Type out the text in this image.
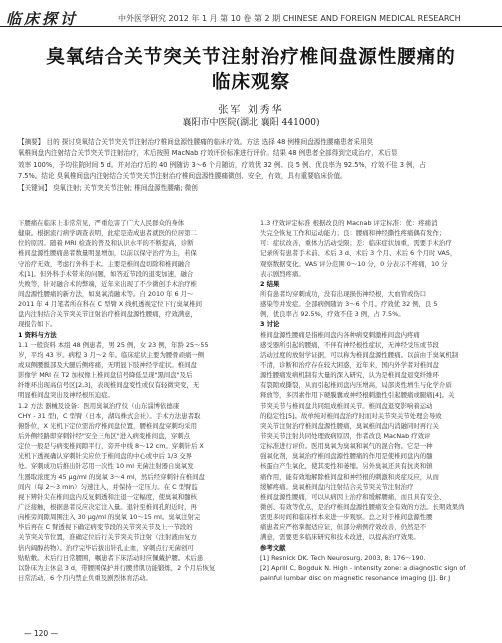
临床探讨	中外医学研究 2012 年 1 月 第 10 卷 第 2 期 CHINESE AND FOREIGN MEDICAL RESEARCH
臭氧结合关节突关节注射治疗椎间盘源性腰痛的
临床观察
张军 刘秀华
襄阳市中医院(湖北 襄阳 441000)
【摘要】 目的 探讨臭氧结合关节突关节注射治疗椎间盘源性腰痛的临床疗效。方法 选择 48 例椎间盘源性腰痛患者采用臭
氧椎间盘内注射结合关节突关节注射治疗，术后按照 MacNab 疗效评价标准进行评价。结果 48 例患者全部得到完成治疗，术后显
效率 100%，予均住院时间 5 d。并对治疗后的 40 例随访 3～6 个月随访，疗效优 32 例、良 5 例、优良率为 92.5%，疗效不佳 3 例，占
7.5%。结论 臭氧椎间盘内注射结合关节突关节注射治疗椎间盘源性腰痛微创、安全，有效，具有重要临床价值。
【关键词】 臭氧注射; 关节突关节注射; 椎间盘源性腰痛; 微创
下腰痛在临床上非常常见，严重危害了广大人民群众的身体
健康。根据流行病学调查表明，此症是造成患者就医的位居第二
位的原因。随着 MRI 检查的普及和认识水平的不断提高，诊断
椎间盘源性腰痛患者数量明显增加，以前以保守治疗为主，若保
守治疗无效，考虑行外科手术。主要是椎间盘切除和椎间融合
术[1]。但外科手术带来的问题，如答近节段的退变加速，融合
失败等，针对融合术的弊端，近年来出现了不少微创手术治疗椎
间盘源性腰痛的新方法，如臭氧消融术等。自 2010 年 6 月～
2011 年 4 月笔者所在科在 C 型臂 X 线机透视定位下行臭氧椎间
盘内注射结合关节突关节注射治疗椎间盘源性腰痛，疗效满意，
现报告如下。
1 资料与方法
1.1 一般资料 本组 48 例患者，男 25 例，女 23 例，年龄 25～55
岁，平均 43 岁。病程 3 月～2 年。临床症状主要为腰骨顽痛一侧
或双侧腰骶部及大腿后侧疼痛，无明显下肢神经学症状。椎间盘
影像学 MRI 在 T2 加权像上椎间盘信号降低呈现"黑间盘"及后
纤维环出现高信号区[2,3]，表现椎间盘变性或仅有轻微突变，无
明显椎间盘突出及神经根压迫症。
1.2 方法 器械及设备：医用臭氧治疗仪（山东淄博依德康
CHY - 31 型)，C 型臂（日本，湖岛株式会社）。手术方法患者取
俯卧位，X 光机下定位需治疗椎间盘位置，腰椎间盘穿刺均采用
后外侧经路即穿刺针经"安全三角区"进入病变椎间盘，穿刺点
定位一般是与病变椎间隙平行，旁开中线 8～12 cm。穿刺针后 X
光机下透视确认穿刺针尖应位于椎间盘的中心或中后 1/3 交界
处。穿刺成功后推出针芯用一次性 10 ml 无菌注射器自臭氧发
生器取浓度为 45 μg/ml 的臭氧 3～4 ml，然后经穿刺针在椎间盘
间内（每 2～3 min）匀速注入，并保持一定压力。在 C 型臂监
视下辨针尖在椎间盘内反复刺透和注退一定幅度，使臭氧和髓核
广泛接触，根据患者反应决定注入量。退针至椎间孔附近时，再
向椎旁间隙周围注入 30 μg/ml 的臭氧 10～15 ml。臭氧注射完
毕后再在 C 臂透视下确定病变节段的关节突关节及上一节段的
关节突关节位置，准确定位后行关节突关节注射（注射液由复方
倍内阔醇药物）。治疗完毕后拔出针孔止血，穿刺点行无菌创可
贴贴敷。术后行日常腰围，嘱患者下床活动时应佩戴护腰。术后患
以卧床为主休息 3 d，带腰围保护并行腰背肌功能锻炼，2 个月后恢复
日常活动，6 个月内禁止负重及剧烈体育活动。
1.3 疗效评定标准 根据改良的 Macnab 评定标准：优：疼痛消
失完全恢复工作和运动能力；良：腰痛和神经撕性疼痛偶有发作；
可：症状改善，重体力活动受限；差：临床症状加重，需要手术治疗
记录所有患者手术前、术后 3 d、术后 3 个月、术后 6 个月时 VAS，
观察数据变化。VAS 评分范围 0～10 分，0 分表示不疼痛，10 分
表示剧烈疼痛。
2 结果
所有患者均穿刺成功，没有出现损伤神经根，大血管或伤口
感染等并发症。全部病例随访 3～6 个月。疗效优 32 例，良 5
例，优良率占 92.5%，疗效不佳 3 例，占 7.5%。
3 讨论
椎间盘源性腰痛是指椎间盘内各种病变刺激椎间盘内疼痛
感受器所引起的腰痛，不伴有神经根性症状，无神经受压或节段
活动过度的放射学证据，可以称为椎间盘源性腰痛。以前由于臭氧机制
不清，诊断和治疗存在较大困惑，近年来，国内外学者对椎间盘
源性腰痛发病机制有大量的深入研究，认为是椎间盘退变纤维环
有裂隙或撕裂，从而引起椎间盘内压增高，局部炎性增生与化学介质
释放等，多因素作用下硬膜囊或神经根刺激性引起腰痛或腿痛[4]。关
节突关节与椎间盘共同组成椎间关节。椎间盘退变影响着运动
的稳定性[5]。故单纯对椎间盘治疗时而对关节突关节处理会导致
突关节注射治疗椎间盘源性腰痛，臭氧椎间盘内消融同时再行关
节突关节注射共同处理致病原因，作者改良 MacNab 疗效评
定标准进行评价。医用臭氧为臭氧和氧气的混合物。它是一种
强氧化剂，臭氧治疗椎间盘源性腰痛的作用是使椎间盘内的髓
核蛋白产生氧化，使其变性和萎缩。另外臭氧还具有抗炎和镇
痛作用，能有效地解除椎间盘和神经根的刺激和炎症反应，从而
缓解疼痛。臭氧椎间盘内注射结合关节突关节注射治疗
椎间盘源性腰痛，可以从病因上治疗和缓解腰痛，而且具有安全、
微创、有效等优点，是治疗椎间盘源性腰痛安全有效的方法。长期效果尚
需更多时间和临床样本来进一步观察。总之对于椎间盘源性腰
痛患者应严格掌握适应证，但部分病例疗效改善，仍然是不
满意，需要更多临床研究和技术改进，以提高治疗效果。
参考文献
[1] Resnick DK. Tech Neurosurg, 2003, 8: 176～190.
[2] Aprill C, Bogduk N. High - intensity zone: a diagnostic sign of
painful lumbar disc on magnetic resonance imaging [J]. Br J
— 120 —
